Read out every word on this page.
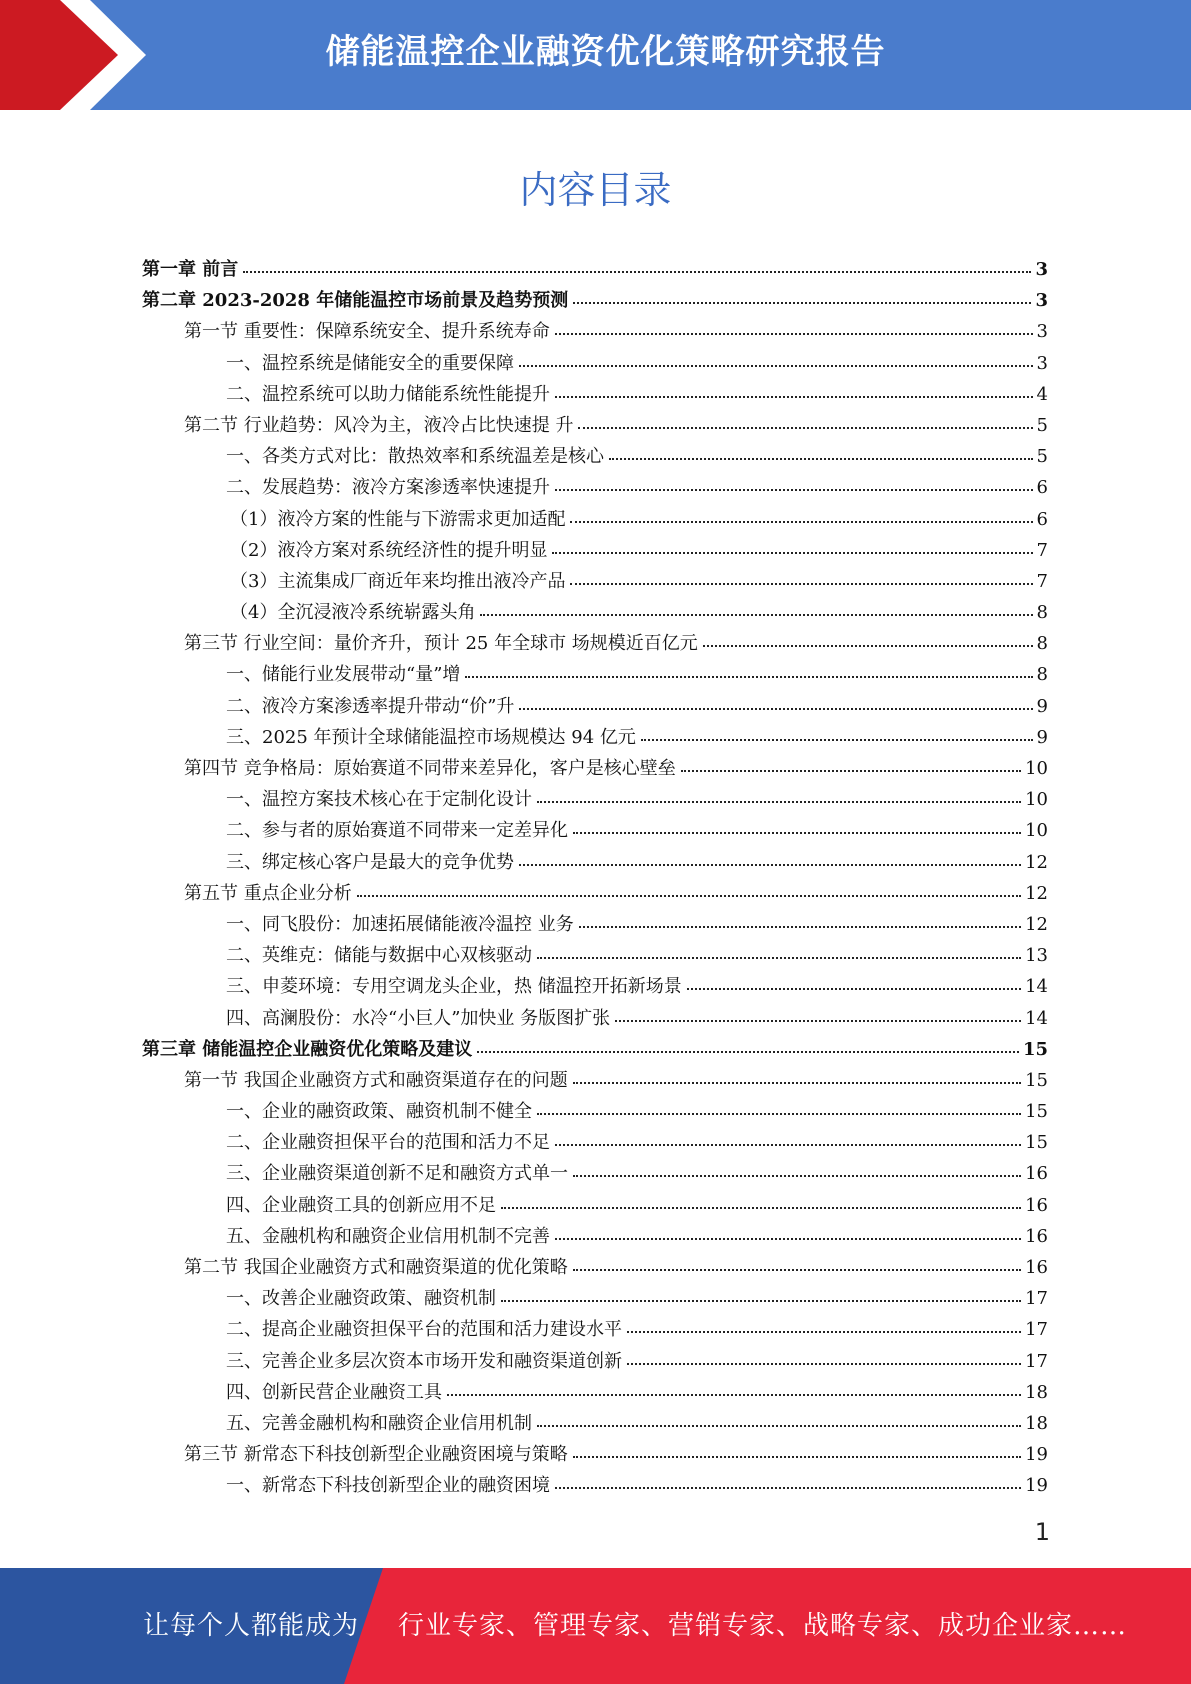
储能温控企业融资优化策略研究报告
内容目录
第一章 前言	3
第二章 2023-2028 年储能温控市场前景及趋势预测	3
第一节 重要性：保障系统安全、提升系统寿命	3
一、温控系统是储能安全的重要保障	3
二、温控系统可以助力储能系统性能提升	4
第二节 行业趋势：风冷为主，液冷占比快速提 升	5
一、各类方式对比：散热效率和系统温差是核心	5
二、发展趋势：液冷方案渗透率快速提升	6
（1）液冷方案的性能与下游需求更加适配	6
（2）液冷方案对系统经济性的提升明显	7
（3）主流集成厂商近年来均推出液冷产品	7
（4）全沉浸液冷系统崭露头角	8
第三节 行业空间：量价齐升，预计 25 年全球市 场规模近百亿元	8
一、储能行业发展带动“量”增	8
二、液冷方案渗透率提升带动“价”升	9
三、2025 年预计全球储能温控市场规模达 94 亿元	9
第四节 竞争格局：原始赛道不同带来差异化，客户是核心壁垒	10
一、温控方案技术核心在于定制化设计	10
二、参与者的原始赛道不同带来一定差异化	10
三、绑定核心客户是最大的竞争优势	12
第五节 重点企业分析	12
一、同飞股份：加速拓展储能液冷温控 业务	12
二、英维克：储能与数据中心双核驱动	13
三、申菱环境：专用空调龙头企业，热 储温控开拓新场景	14
四、高澜股份：水冷“小巨人”加快业 务版图扩张	14
第三章 储能温控企业融资优化策略及建议	15
第一节 我国企业融资方式和融资渠道存在的问题	15
一、企业的融资政策、融资机制不健全	15
二、企业融资担保平台的范围和活力不足	15
三、企业融资渠道创新不足和融资方式单一	16
四、企业融资工具的创新应用不足	16
五、金融机构和融资企业信用机制不完善	16
第二节 我国企业融资方式和融资渠道的优化策略	16
一、改善企业融资政策、融资机制	17
二、提高企业融资担保平台的范围和活力建设水平	17
三、完善企业多层次资本市场开发和融资渠道创新	17
四、创新民营企业融资工具	18
五、完善金融机构和融资企业信用机制	18
第三节 新常态下科技创新型企业融资困境与策略	19
一、新常态下科技创新型企业的融资困境	19
1
让每个人都能成为 行业专家、管理专家、营销专家、战略专家、成功企业家……
